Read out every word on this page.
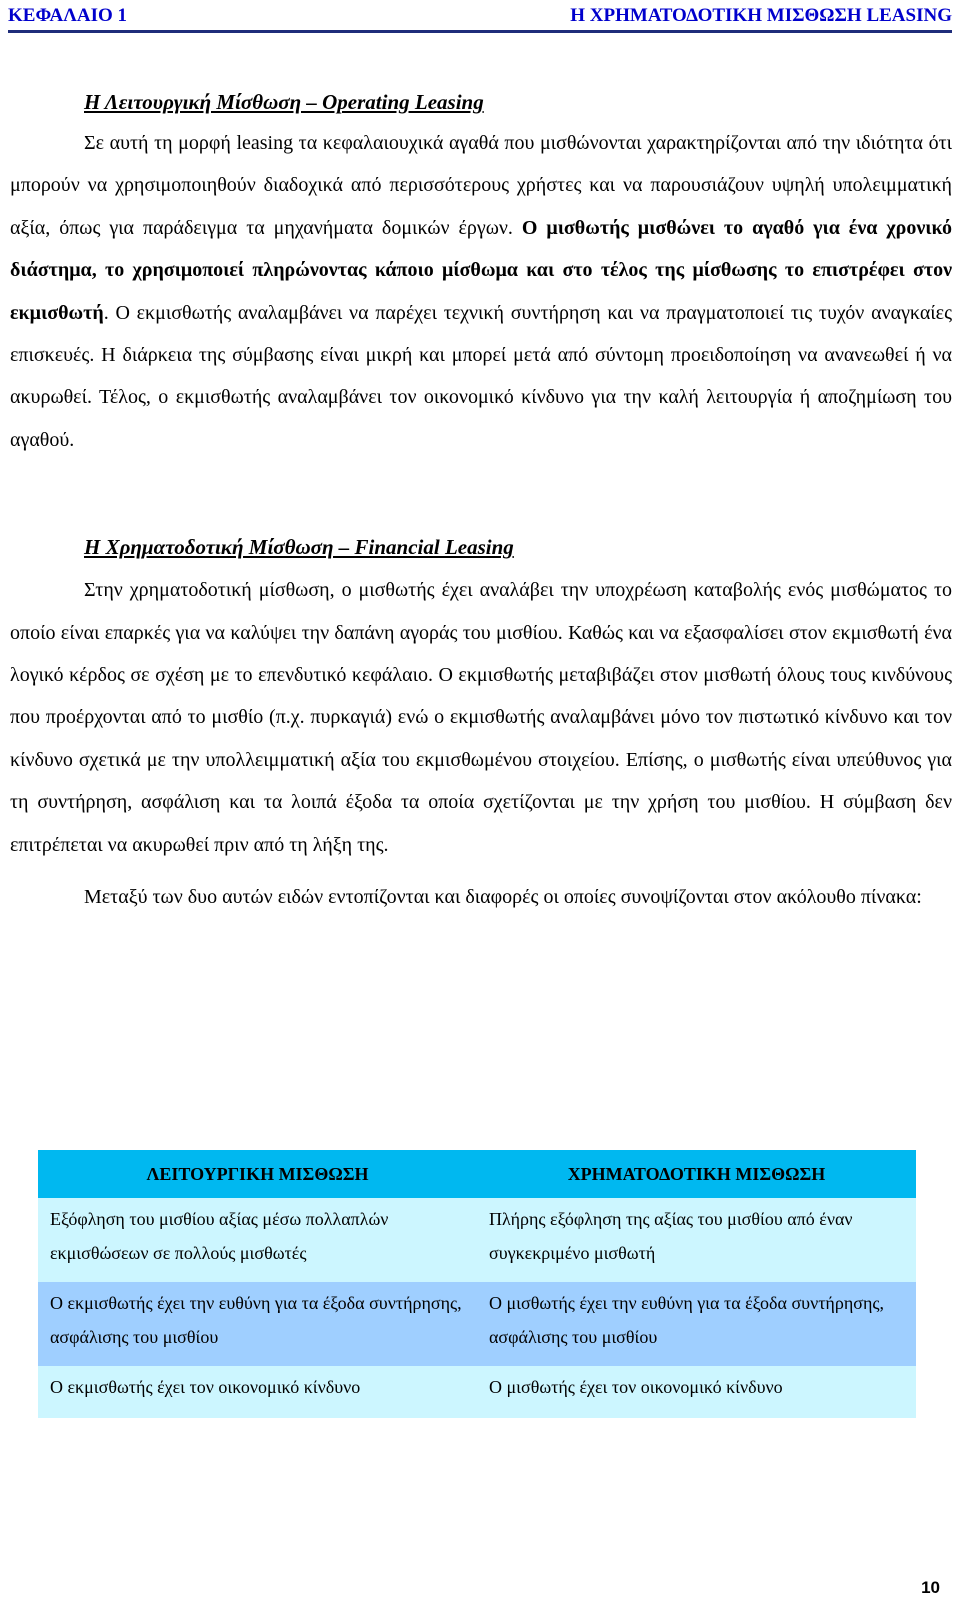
ΚΕΦΑΛΑΙΟ 1	Η ΧΡΗΜΑΤΟΔΟΤΙΚΗ ΜΙΣΘΩΣΗ LEASING
Η Λειτουργική Μίσθωση – Operating Leasing

Σε αυτή τη μορφή leasing τα κεφαλαιουχικά αγαθά που μισθώνονται χαρακτηρίζονται από την ιδιότητα ότι μπορούν να χρησιμοποιηθούν διαδοχικά από περισσότερους χρήστες και να παρουσιάζουν υψηλή υπολειμματική αξία, όπως για παράδειγμα τα μηχανήματα δομικών έργων. Ο μισθωτής μισθώνει το αγαθό για ένα χρονικό διάστημα, το χρησιμοποιεί πληρώνοντας κάποιο μίσθωμα και στο τέλος της μίσθωσης το επιστρέφει στον εκμισθωτή. Ο εκμισθωτής αναλαμβάνει να παρέχει τεχνική συντήρηση και να πραγματοποιεί τις τυχόν αναγκαίες επισκευές. Η διάρκεια της σύμβασης είναι μικρή και μπορεί μετά από σύντομη προειδοποίηση να ανανεωθεί ή να ακυρωθεί. Τέλος, ο εκμισθωτής αναλαμβάνει τον οικονομικό κίνδυνο για την καλή λειτουργία ή αποζημίωση του αγαθού.

Η Χρηματοδοτική Μίσθωση – Financial Leasing

Στην χρηματοδοτική μίσθωση, ο μισθωτής έχει αναλάβει την υποχρέωση καταβολής ενός μισθώματος το οποίο είναι επαρκές για να καλύψει την δαπάνη αγοράς του μισθίου. Καθώς και να εξασφαλίσει στον εκμισθωτή ένα λογικό κέρδος σε σχέση με το επενδυτικό κεφάλαιο. Ο εκμισθωτής μεταβιβάζει στον μισθωτή όλους τους κινδύνους που προέρχονται από το μισθίο (π.χ. πυρκαγιά) ενώ ο εκμισθωτής αναλαμβάνει μόνο τον πιστωτικό κίνδυνο και τον κίνδυνο σχετικά με την υπολλειμματική αξία του εκμισθωμένου στοιχείου. Επίσης, ο μισθωτής είναι υπεύθυνος για τη συντήρηση, ασφάλιση και τα λοιπά έξοδα τα οποία σχετίζονται με την χρήση του μισθίου. Η σύμβαση δεν επιτρέπεται να ακυρωθεί πριν από τη λήξη της.

Μεταξύ των δυο αυτών ειδών εντοπίζονται και διαφορές οι οποίες συνοψίζονται στον ακόλουθο πίνακα:

ΛΕΙΤΟΥΡΓΙΚΗ ΜΙΣΘΩΣΗ	ΧΡΗΜΑΤΟΔΟΤΙΚΗ ΜΙΣΘΩΣΗ
Εξόφληση του μισθίου αξίας μέσω πολλαπλών εκμισθώσεων σε πολλούς μισθωτές	Πλήρης εξόφληση της αξίας του μισθίου από έναν συγκεκριμένο μισθωτή
Ο εκμισθωτής έχει την ευθύνη για τα έξοδα συντήρησης, ασφάλισης του μισθίου	Ο μισθωτής έχει την ευθύνη για τα έξοδα συντήρησης, ασφάλισης του μισθίου
Ο εκμισθωτής έχει τον οικονομικό κίνδυνο	Ο μισθωτής έχει τον οικονομικό κίνδυνο
10
